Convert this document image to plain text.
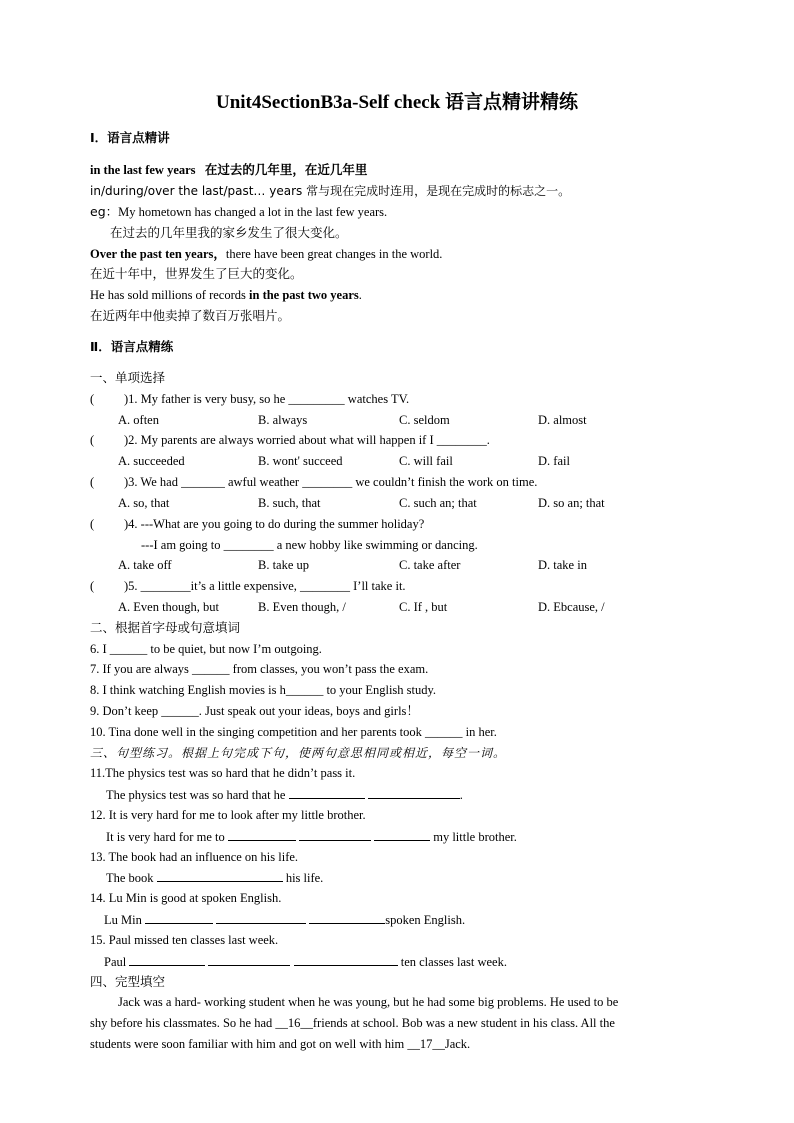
Unit4SectionB3a-Self check 语言点精讲精练
Ⅰ．语言点精讲
in the last few years 在过去的几年里，在近几年里
in/during/over the last/past… years 常与现在完成时连用，是现在完成时的标志之一。
eg：My hometown has changed a lot in the last few years.
在过去的几年里我的家乡发生了很大变化。
Over the past ten years，there have been great changes in the world.
在近十年中，世界发生了巨大的变化。
He has sold millions of records in the past two years.
在近两年中他卖掉了数百万张唱片。
Ⅱ．语言点精练
一、单项选择
( )1. My father is very busy, so he _________ watches TV.
A. often	B. always	C. seldom	D. almost
( )2. My parents are always worried about what will happen if I ________.
A. succeeded	B. wont' succeed	C. will fail	D. fail
( )3. We had _______ awful weather ________ we couldn’t finish the work on time.
A. so, that	B. such, that	C. such an; that	D. so an; that
( )4. ---What are you going to do during the summer holiday?
---I am going to ________ a new hobby like swimming or dancing.
A. take off	B. take up	C. take after	D. take in
( )5. ________it’s a little expensive, ________ I’ll take it.
A. Even though, but	B. Even though, /	C. If , but	D. Ebcause, /
二、根据首字母或句意填词
6. I ______ to be quiet, but now I’m outgoing.
7. If you are always ______ from classes, you won’t pass the exam.
8. I think watching English movies is h______ to your English study.
9. Don’t keep ______. Just speak out your ideas, boys and girls！
10. Tina done well in the singing competition and her parents took ______ in her.
三、句型练习。根据上句完成下句，使两句意思相同或相近，每空一词。
11.The physics test was so hard that he didn’t pass it.
The physics test was so hard that he	.
12. It is very hard for me to look after my little brother.
It is very hard for me to	my little brother.
13. The book had an influence on his life.
The book	his life.
14. Lu Min is good at spoken English.
Lu Min	spoken English.
15. Paul missed ten classes last week.
Paul	ten classes last week.
四、完型填空
Jack was a hard- working student when he was young, but he had some big problems. He used to be
shy before his classmates. So he had __16__friends at school. Bob was a new student in his class. All the
students were soon familiar with him and got on well with him __17__Jack.
